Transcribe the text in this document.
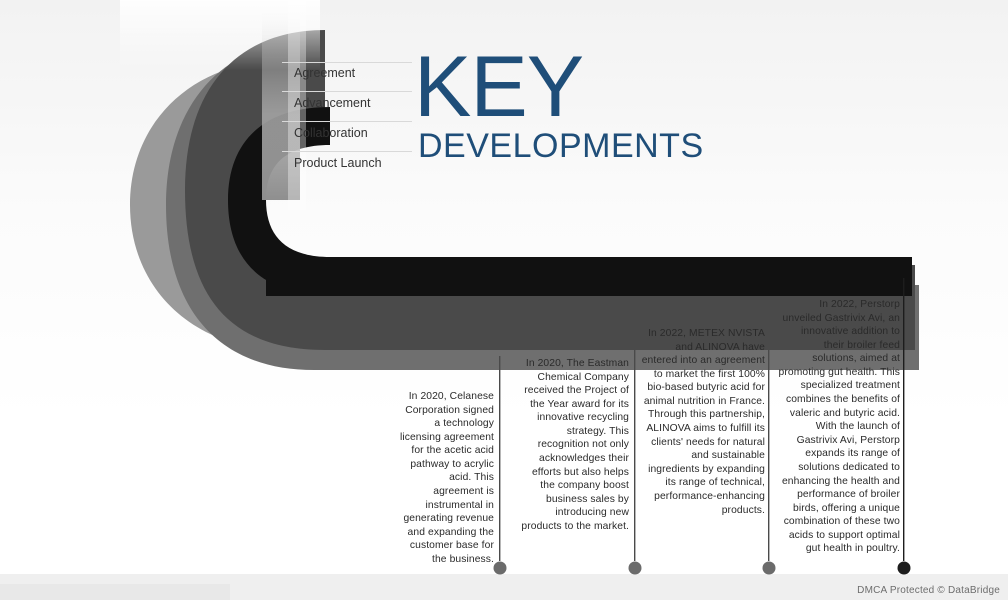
Agreement
Advancement
Collaboration
Product Launch
KEY
DEVELOPMENTS
In 2020, Celanese Corporation signed a technology licensing agreement for the acetic acid pathway to acrylic acid. This agreement is instrumental in generating revenue and expanding the customer base for the business.
In 2020, The Eastman Chemical Company received the Project of the Year award for its innovative recycling strategy. This recognition not only acknowledges their efforts but also helps the company boost business sales by introducing new products to the market.
In 2022, METEX NVISTA and ALINOVA have entered into an agreement to market the first 100% bio-based butyric acid for animal nutrition in France. Through this partnership, ALINOVA aims to fulfill its clients' needs for natural and sustainable ingredients by expanding its range of technical, performance-enhancing products.
In 2022, Perstorp unveiled Gastrivix Avi, an innovative addition to their broiler feed solutions, aimed at promoting gut health. This specialized treatment combines the benefits of valeric and butyric acid. With the launch of Gastrivix Avi, Perstorp expands its range of solutions dedicated to enhancing the health and performance of broiler birds, offering a unique combination of these two acids to support optimal gut health in poultry.
DMCA Protected © DataBridge
